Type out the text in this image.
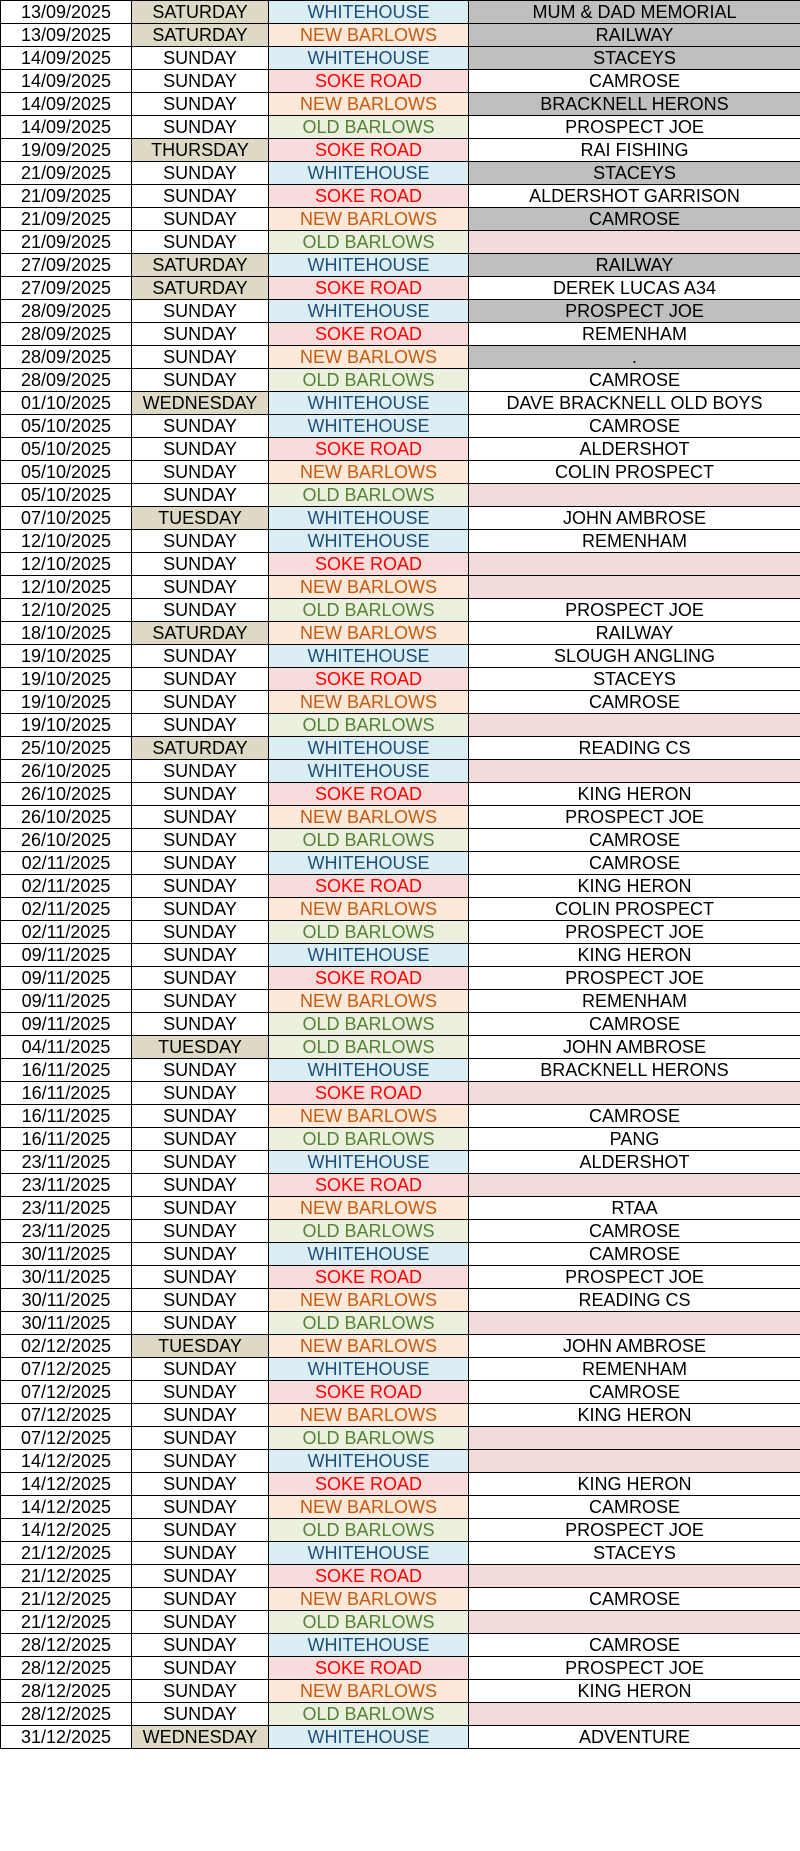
13/09/2025	SATURDAY	WHITEHOUSE	MUM & DAD MEMORIAL
13/09/2025	SATURDAY	NEW BARLOWS	RAILWAY
14/09/2025	SUNDAY	WHITEHOUSE	STACEYS
14/09/2025	SUNDAY	SOKE ROAD	CAMROSE
14/09/2025	SUNDAY	NEW BARLOWS	BRACKNELL HERONS
14/09/2025	SUNDAY	OLD BARLOWS	PROSPECT JOE
19/09/2025	THURSDAY	SOKE ROAD	RAI FISHING
21/09/2025	SUNDAY	WHITEHOUSE	STACEYS
21/09/2025	SUNDAY	SOKE ROAD	ALDERSHOT GARRISON
21/09/2025	SUNDAY	NEW BARLOWS	CAMROSE
21/09/2025	SUNDAY	OLD BARLOWS	
27/09/2025	SATURDAY	WHITEHOUSE	RAILWAY
27/09/2025	SATURDAY	SOKE ROAD	DEREK LUCAS A34
28/09/2025	SUNDAY	WHITEHOUSE	PROSPECT JOE
28/09/2025	SUNDAY	SOKE ROAD	REMENHAM
28/09/2025	SUNDAY	NEW BARLOWS	.
28/09/2025	SUNDAY	OLD BARLOWS	CAMROSE
01/10/2025	WEDNESDAY	WHITEHOUSE	DAVE BRACKNELL OLD BOYS
05/10/2025	SUNDAY	WHITEHOUSE	CAMROSE
05/10/2025	SUNDAY	SOKE ROAD	ALDERSHOT
05/10/2025	SUNDAY	NEW BARLOWS	COLIN PROSPECT
05/10/2025	SUNDAY	OLD BARLOWS	
07/10/2025	TUESDAY	WHITEHOUSE	JOHN AMBROSE
12/10/2025	SUNDAY	WHITEHOUSE	REMENHAM
12/10/2025	SUNDAY	SOKE ROAD	
12/10/2025	SUNDAY	NEW BARLOWS	
12/10/2025	SUNDAY	OLD BARLOWS	PROSPECT JOE
18/10/2025	SATURDAY	NEW BARLOWS	RAILWAY
19/10/2025	SUNDAY	WHITEHOUSE	SLOUGH ANGLING
19/10/2025	SUNDAY	SOKE ROAD	STACEYS
19/10/2025	SUNDAY	NEW BARLOWS	CAMROSE
19/10/2025	SUNDAY	OLD BARLOWS	
25/10/2025	SATURDAY	WHITEHOUSE	READING CS
26/10/2025	SUNDAY	WHITEHOUSE	
26/10/2025	SUNDAY	SOKE ROAD	KING HERON
26/10/2025	SUNDAY	NEW BARLOWS	PROSPECT JOE
26/10/2025	SUNDAY	OLD BARLOWS	CAMROSE
02/11/2025	SUNDAY	WHITEHOUSE	CAMROSE
02/11/2025	SUNDAY	SOKE ROAD	KING HERON
02/11/2025	SUNDAY	NEW BARLOWS	COLIN PROSPECT
02/11/2025	SUNDAY	OLD BARLOWS	PROSPECT JOE
09/11/2025	SUNDAY	WHITEHOUSE	KING HERON
09/11/2025	SUNDAY	SOKE ROAD	PROSPECT JOE
09/11/2025	SUNDAY	NEW BARLOWS	REMENHAM
09/11/2025	SUNDAY	OLD BARLOWS	CAMROSE
04/11/2025	TUESDAY	OLD BARLOWS	JOHN AMBROSE
16/11/2025	SUNDAY	WHITEHOUSE	BRACKNELL HERONS
16/11/2025	SUNDAY	SOKE ROAD	
16/11/2025	SUNDAY	NEW BARLOWS	CAMROSE
16/11/2025	SUNDAY	OLD BARLOWS	PANG
23/11/2025	SUNDAY	WHITEHOUSE	ALDERSHOT
23/11/2025	SUNDAY	SOKE ROAD	
23/11/2025	SUNDAY	NEW BARLOWS	RTAA
23/11/2025	SUNDAY	OLD BARLOWS	CAMROSE
30/11/2025	SUNDAY	WHITEHOUSE	CAMROSE
30/11/2025	SUNDAY	SOKE ROAD	PROSPECT JOE
30/11/2025	SUNDAY	NEW BARLOWS	READING CS
30/11/2025	SUNDAY	OLD BARLOWS	
02/12/2025	TUESDAY	NEW BARLOWS	JOHN AMBROSE
07/12/2025	SUNDAY	WHITEHOUSE	REMENHAM
07/12/2025	SUNDAY	SOKE ROAD	CAMROSE
07/12/2025	SUNDAY	NEW BARLOWS	KING HERON
07/12/2025	SUNDAY	OLD BARLOWS	
14/12/2025	SUNDAY	WHITEHOUSE	
14/12/2025	SUNDAY	SOKE ROAD	KING HERON
14/12/2025	SUNDAY	NEW BARLOWS	CAMROSE
14/12/2025	SUNDAY	OLD BARLOWS	PROSPECT JOE
21/12/2025	SUNDAY	WHITEHOUSE	STACEYS
21/12/2025	SUNDAY	SOKE ROAD	
21/12/2025	SUNDAY	NEW BARLOWS	CAMROSE
21/12/2025	SUNDAY	OLD BARLOWS	
28/12/2025	SUNDAY	WHITEHOUSE	CAMROSE
28/12/2025	SUNDAY	SOKE ROAD	PROSPECT JOE
28/12/2025	SUNDAY	NEW BARLOWS	KING HERON
28/12/2025	SUNDAY	OLD BARLOWS	
31/12/2025	WEDNESDAY	WHITEHOUSE	ADVENTURE
